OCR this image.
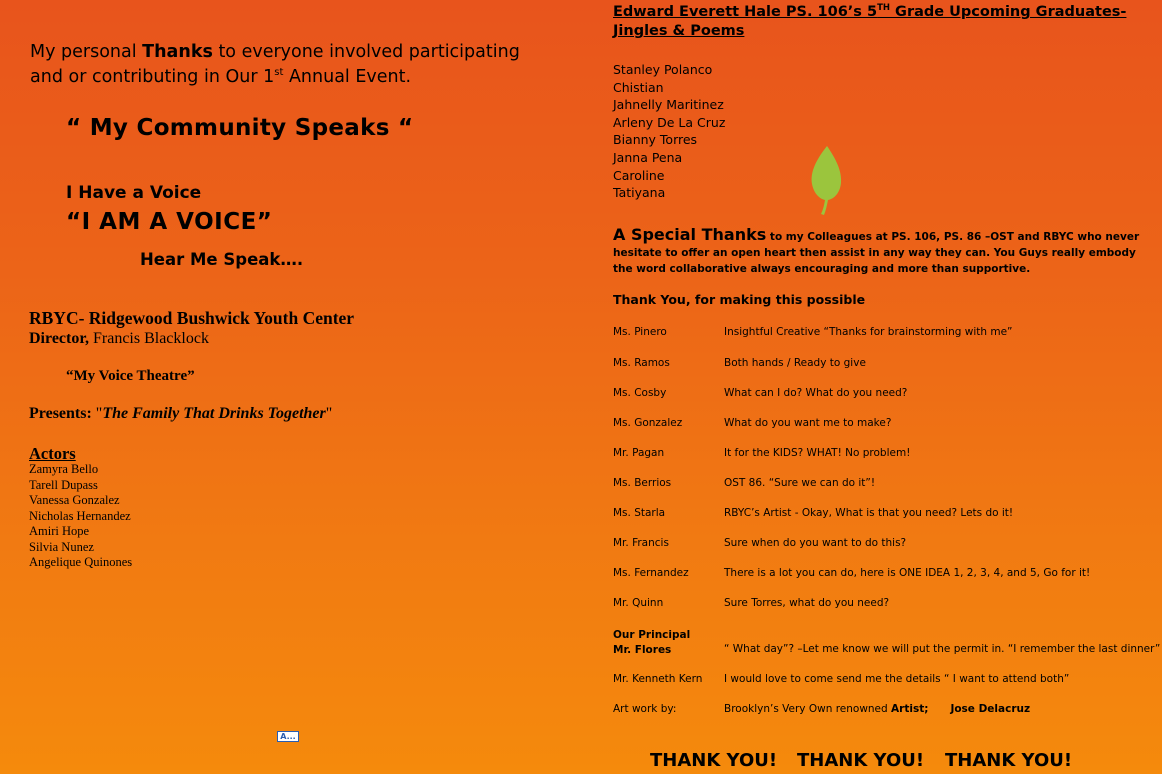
My personal Thanks to everyone involved participating and or contributing in Our 1st Annual Event.
“ My Community Speaks “
I Have a Voice
“I AM A VOICE”
Hear Me Speak….
RBYC- Ridgewood Bushwick Youth Center
Director, Francis Blacklock
“My Voice Theatre”
Presents: "The Family That Drinks Together"
Actors
Zamyra Bello
Tarell Dupass
Vanessa Gonzalez
Nicholas Hernandez
Amiri Hope
Silvia Nunez
Angelique Quinones
A...
Edward Everett Hale PS. 106’s 5TH Grade Upcoming Graduates-Jingles & Poems
Stanley Polanco
Chistian
Jahnelly Maritinez
Arleny De La Cruz
Bianny Torres
Janna Pena
Caroline
Tatiyana
A Special Thanks to my Colleagues at PS. 106, PS. 86 –OST and RBYC who never hesitate to offer an open heart then assist in any way they can. You Guys really embody the word collaborative always encouraging and more than supportive.
Thank You, for making this possible
Ms. Pinero	Insightful Creative “Thanks for brainstorming with me”
Ms. Ramos	Both hands / Ready to give
Ms. Cosby	What can I do? What do you need?
Ms. Gonzalez	What do you want me to make?
Mr. Pagan	It for the KIDS? WHAT! No problem!
Ms. Berrios	OST 86. “Sure we can do it”!
Ms. Starla	RBYC’s Artist - Okay, What is that you need? Lets do it!
Mr. Francis	Sure when do you want to do this?
Ms. Fernandez	There is a lot you can do, here is ONE IDEA 1, 2, 3, 4, and 5, Go for it!
Mr. Quinn	Sure Torres, what do you need?
Our Principal
Mr. Flores	“ What day”? –Let me know we will put the permit in. “I remember the last dinner”
Mr. Kenneth Kern	I would love to come send me the details “ I want to attend both”
Art work by:	Brooklyn’s Very Own renowned Artist; Jose Delacruz
THANK YOU! THANK YOU! THANK YOU!
